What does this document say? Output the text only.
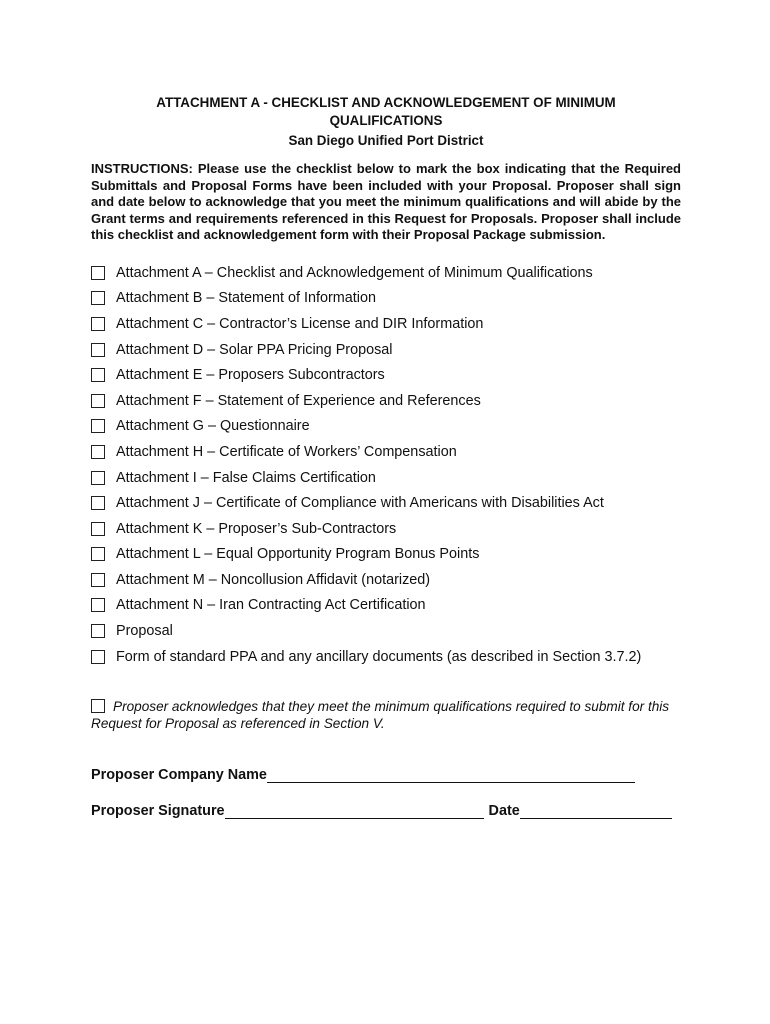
ATTACHMENT A - CHECKLIST AND ACKNOWLEDGEMENT OF MINIMUM

QUALIFICATIONS

San Diego Unified Port District

INSTRUCTIONS: Please use the checklist below to mark the box indicating that the Required Submittals and Proposal Forms have been included with your Proposal. Proposer shall sign and date below to acknowledge that you meet the minimum qualifications and will abide by the Grant terms and requirements referenced in this Request for Proposals. Proposer shall include this checklist and acknowledgement form with their Proposal Package submission.
Attachment A – Checklist and Acknowledgement of Minimum Qualifications
Attachment B – Statement of Information
Attachment C – Contractor’s License and DIR Information
Attachment D – Solar PPA Pricing Proposal
Attachment E – Proposers Subcontractors
Attachment F – Statement of Experience and References
Attachment G – Questionnaire
Attachment H – Certificate of Workers’ Compensation
Attachment I – False Claims Certification
Attachment J – Certificate of Compliance with Americans with Disabilities Act
Attachment K – Proposer’s Sub-Contractors
Attachment L – Equal Opportunity Program Bonus Points
Attachment M – Noncollusion Affidavit (notarized)
Attachment N – Iran Contracting Act Certification
Proposal
Form of standard PPA and any ancillary documents (as described in Section 3.7.2)
Proposer acknowledges that they meet the minimum qualifications required to submit for this Request for Proposal as referenced in Section V.
Proposer Company Name
Proposer Signature	Date
